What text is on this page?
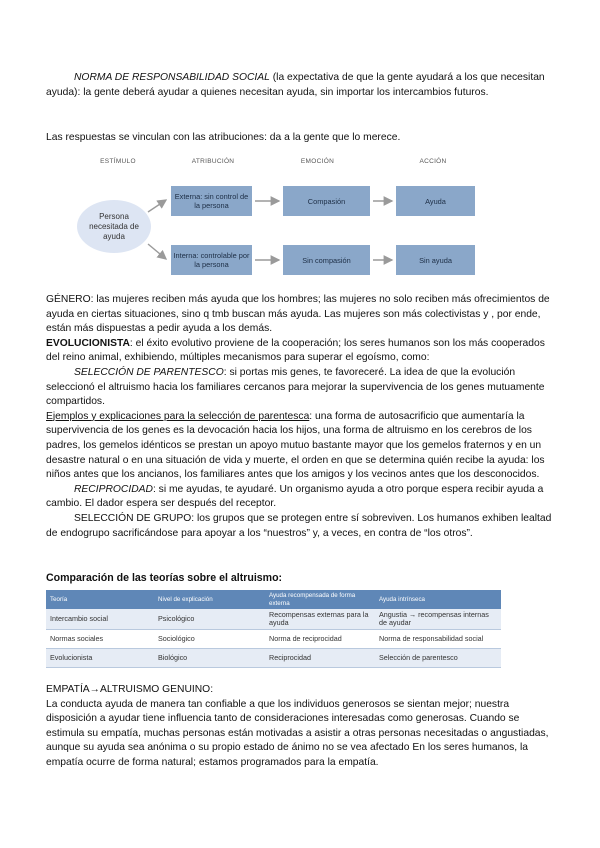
NORMA DE RESPONSABILIDAD SOCIAL (la expectativa de que la gente ayudará a los que necesitan ayuda): la gente deberá ayudar a quienes necesitan ayuda, sin importar los intercambios futuros.

Las respuestas se vinculan con las atribuciones: da a la gente que lo merece.

ESTÍMULO	ATRIBUCIÓN	EMOCIÓN	ACCIÓN
Persona necesitada de ayuda
Externa: sin control de la persona	Compasión	Ayuda
Interna: controlable por la persona	Sin compasión	Sin ayuda

GÉNERO: las mujeres reciben más ayuda que los hombres; las mujeres no solo reciben más ofrecimientos de ayuda en ciertas situaciones, sino q tmb buscan más ayuda. Las mujeres son más colectivistas y , por ende, están más dispuestas a pedir ayuda a los demás.

EVOLUCIONISTA: el éxito evolutivo proviene de la cooperación; los seres humanos son los más cooperados del reino animal, exhibiendo, múltiples mecanismos para superar el egoísmo, como:

SELECCIÓN DE PARENTESCO: si portas mis genes, te favoreceré. La idea de que la evolución seleccionó el altruismo hacia los familiares cercanos para mejorar la supervivencia de los genes mutuamente compartidos.

Ejemplos y explicaciones para la selección de parentesca: una forma de autosacrificio que aumentaría la supervivencia de los genes es la devocación hacia los hijos, una forma de altruismo en los cerebros de los padres, los gemelos idénticos se prestan un apoyo mutuo bastante mayor que los gemelos fraternos y en un desastre natural o en una situación de vida y muerte, el orden en que se determina quién recibe la ayuda: los niños antes que los ancianos, los familiares antes que los amigos y los vecinos antes que los desconocidos.

RECIPROCIDAD: si me ayudas, te ayudaré. Un organismo ayuda a otro porque espera recibir ayuda a cambio. El dador espera ser después del receptor.

SELECCIÓN DE GRUPO: los grupos que se protegen entre sí sobreviven. Los humanos exhiben lealtad de endogrupo sacrificándose para apoyar a los “nuestros” y, a veces, en contra de “los otros”.

Comparación de las teorías sobre el altruismo:

Teoría	Nivel de explicación	Ayuda recompensada de forma externa	Ayuda intrínseca
Intercambio social	Psicológico	Recompensas externas para la ayuda	Angustia → recompensas internas de ayudar
Normas sociales	Sociológico	Norma de reciprocidad	Norma de responsabilidad social
Evolucionista	Biológico	Reciprocidad	Selección de parentesco

EMPATÍA→ALTRUISMO GENUINO:

La conducta ayuda de manera tan confiable a que los individuos generosos se sientan mejor; nuestra disposición a ayudar tiene influencia tanto de consideraciones interesadas como generosas. Cuando se estimula su empatía, muchas personas están motivadas a asistir a otras personas necesitadas o angustiadas, aunque su ayuda sea anónima o su propio estado de ánimo no se vea afectado En los seres humanos, la empatía ocurre de forma natural; estamos programados para la empatía.
